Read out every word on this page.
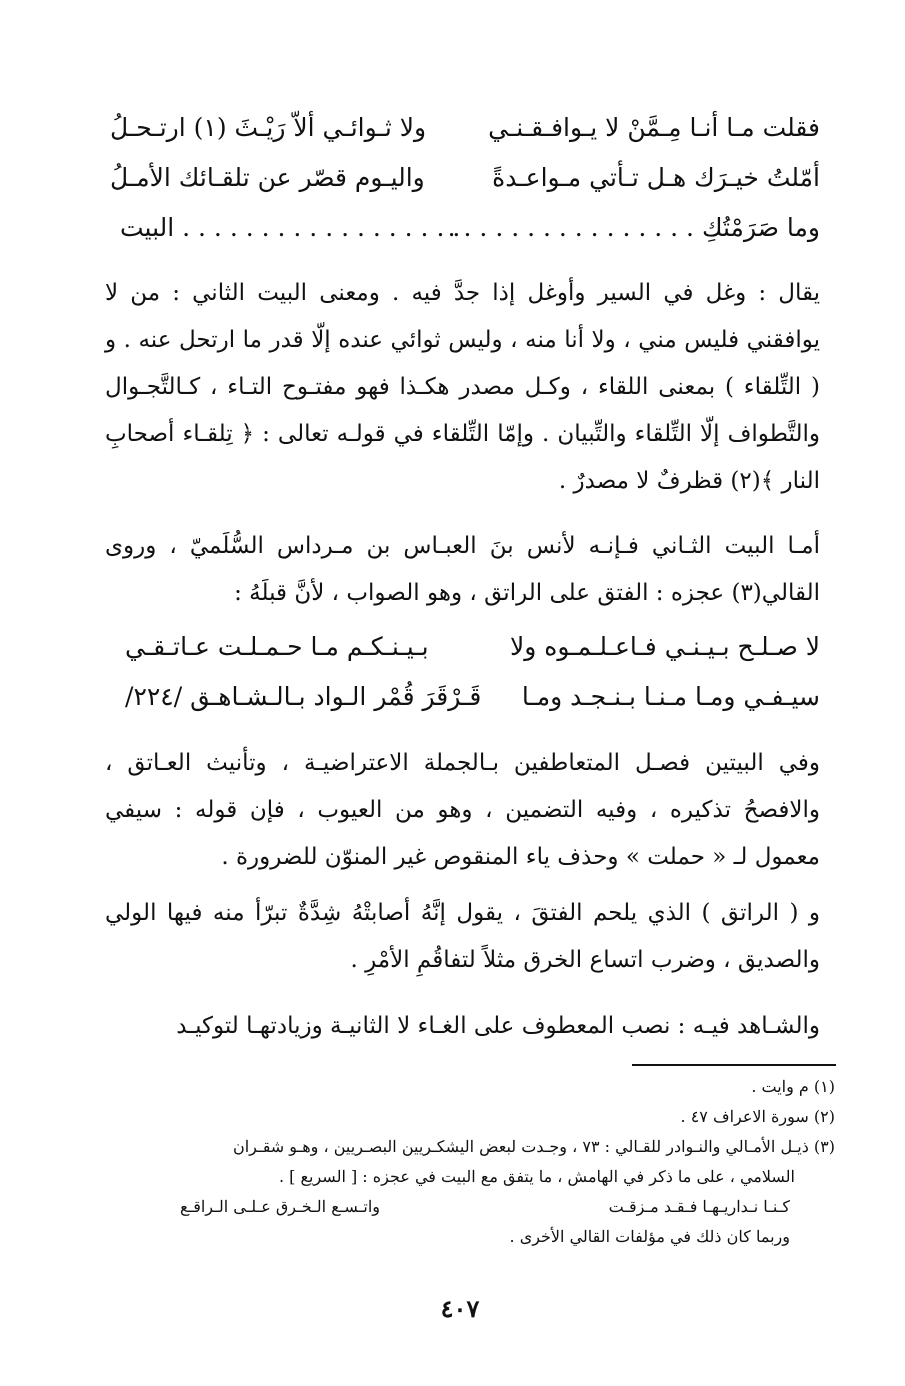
فقلت مـا أنـا مِـمَّنْ لا يـوافـقـنـي
ولا ثـوائـي ألاّ رَيْـثَ (١) ارتـحـلُ
أمّلتُ خيـرَك هـل تـأتي مـواعـدةً
واليـوم قصّر عن تلقـائك الأمـلُ
وما صَرَمْتُكِ . . . . . . . . . . . . . . . .
. . . . . . . . . . . . . . . . . . البيت
يقال : وغل في السير وأوغل إذا جدَّ فيه . ومعنى البيت الثاني : من لا يوافقني فليس مني ، ولا أنا منه ، وليس ثوائي عنده إلّا قدر ما ارتحل عنه . و ( التِّلقاء ) بمعنى اللقاء ، وكـل مصدر هكـذا فهو مفتـوح التـاء ، كـالتَّجـوال والتَّطواف إلّا التِّلقاء والتِّبيان . وإمّا التِّلقاء في قولـه تعالى : ﴿ تِلقـاء أصحابِ النار ﴾(٢) قظرفٌ لا مصدرٌ .
أمـا البيت الثـاني فـإنـه لأنس بنَ العبـاس بن مـرداس السُّلَميّ ، وروى القالي(٣) عجزه : الفتق على الراتق ، وهو الصواب ، لأنَّ قبلَهُ :
لا صـلـح بـيـنـي فـاعـلـمـوه ولا
بـيـنـكـم مـا حـمـلـت عـاتـقـي
سيـفـي ومـا مـنـا بـنـجـد ومـا
قَـرْقَرَ قُمْر الـواد بـالـشـاهـق /٢٢٤/
وفي البيتين فصـل المتعاطفين بـالجملة الاعتراضيـة ، وتأنيث العـاتق ، والافصحُ تذكيره ، وفيه التضمين ، وهو من العيوب ، فإن قوله : سيفي معمول لـ « حملت » وحذف ياء المنقوص غير المنوّن للضرورة .
و ( الراتق ) الذي يلحم الفتقَ ، يقول إنَّهُ أصابتْهُ شِدَّةٌ تبرّأ منه فيها الولي والصديق ، وضرب اتساع الخرق مثلاً لتفاقُمِ الأمْرِ .
والشـاهد فيـه : نصب المعطوف على الغـاء لا الثانيـة وزيادتهـا لتوكيـد
(١) م وايت .
(٢) سورة الاعراف ٤٧ .
(٣) ذيـل الأمـالي والنـوادر للقـالي : ٧٣ ، وجـدت لبعض اليشكـريين البصـريين ، وهـو شقـران
السلامي ، على ما ذكر في الهامش ، ما يتفق مع البيت في عجزه : [ السريع ] .
كـنـا نـداريـهـا فـقـد مـزقـت
واتـسـع الـخـرق عـلـى الـراقـع
وربما كان ذلك في مؤلفات القالي الأخرى .
٤٠٧
